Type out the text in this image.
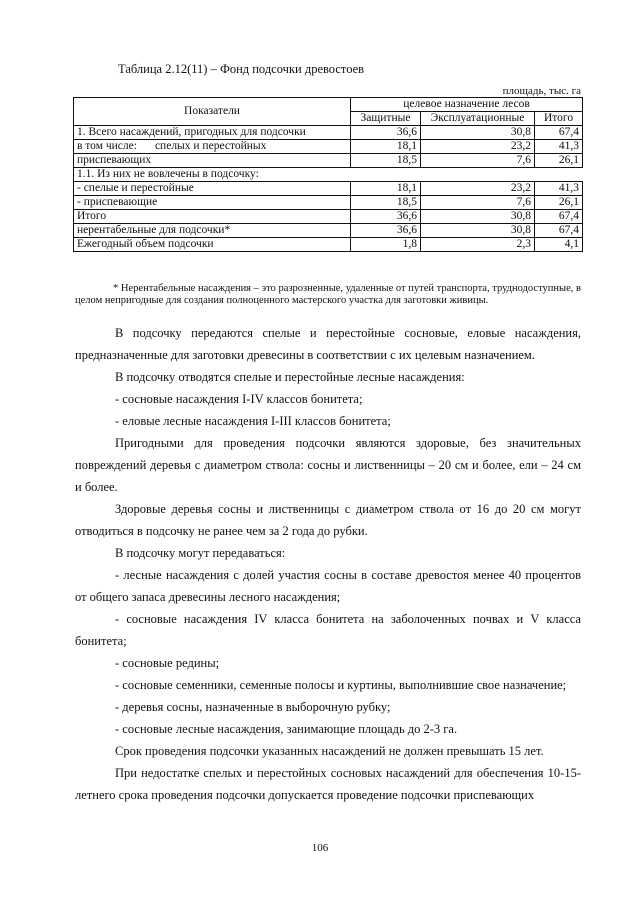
Таблица 2.12(11) – Фонд подсочки древостоев
площадь, тыс. га
Показатели	целевое назначение лесов		
	Защитные	Эксплуатационные	Итого
1. Всего насаждений, пригодных для подсочки	36,6	30,8	67,4
в том числе: спелых и перестойных	18,1	23,2	41,3
приспевающих	18,5	7,6	26,1
1.1. Из них не вовлечены в подсочку:			
- спелые и перестойные	18,1	23,2	41,3
- приспевающие	18,5	7,6	26,1
Итого	36,6	30,8	67,4
нерентабельные для подсочки*	36,6	30,8	67,4
Ежегодный объем подсочки	1,8	2,3	4,1
* Нерентабельные насаждения – это разрозненные, удаленные от путей транспорта, труднодоступные, в целом непригодные для создания полноценного мастерского участка для заготовки живицы.

В подсочку передаются спелые и перестойные сосновые, еловые насаждения, предназначенные для заготовки древесины в соответствии с их целевым назначением.

В подсочку отводятся спелые и перестойные лесные насаждения:

- сосновые насаждения I-IV классов бонитета;

- еловые лесные насаждения I-III классов бонитета;

Пригодными для проведения подсочки являются здоровые, без значительных повреждений деревья с диаметром ствола: сосны и лиственницы – 20 см и более, ели – 24 см и более.

Здоровые деревья сосны и лиственницы с диаметром ствола от 16 до 20 см могут отводиться в подсочку не ранее чем за 2 года до рубки.

В подсочку могут передаваться:

- лесные насаждения с долей участия сосны в составе древостоя менее 40 процентов от общего запаса древесины лесного насаждения;

- сосновые насаждения IV класса бонитета на заболоченных почвах и V класса бонитета;

- сосновые редины;

- сосновые семенники, семенные полосы и куртины, выполнившие свое назначение;

- деревья сосны, назначенные в выборочную рубку;

- сосновые лесные насаждения, занимающие площадь до 2-3 га.

Срок проведения подсочки указанных насаждений не должен превышать 15 лет.

При недостатке спелых и перестойных сосновых насаждений для обеспечения 10-15-летнего срока проведения подсочки допускается проведение подсочки приспевающих

106
